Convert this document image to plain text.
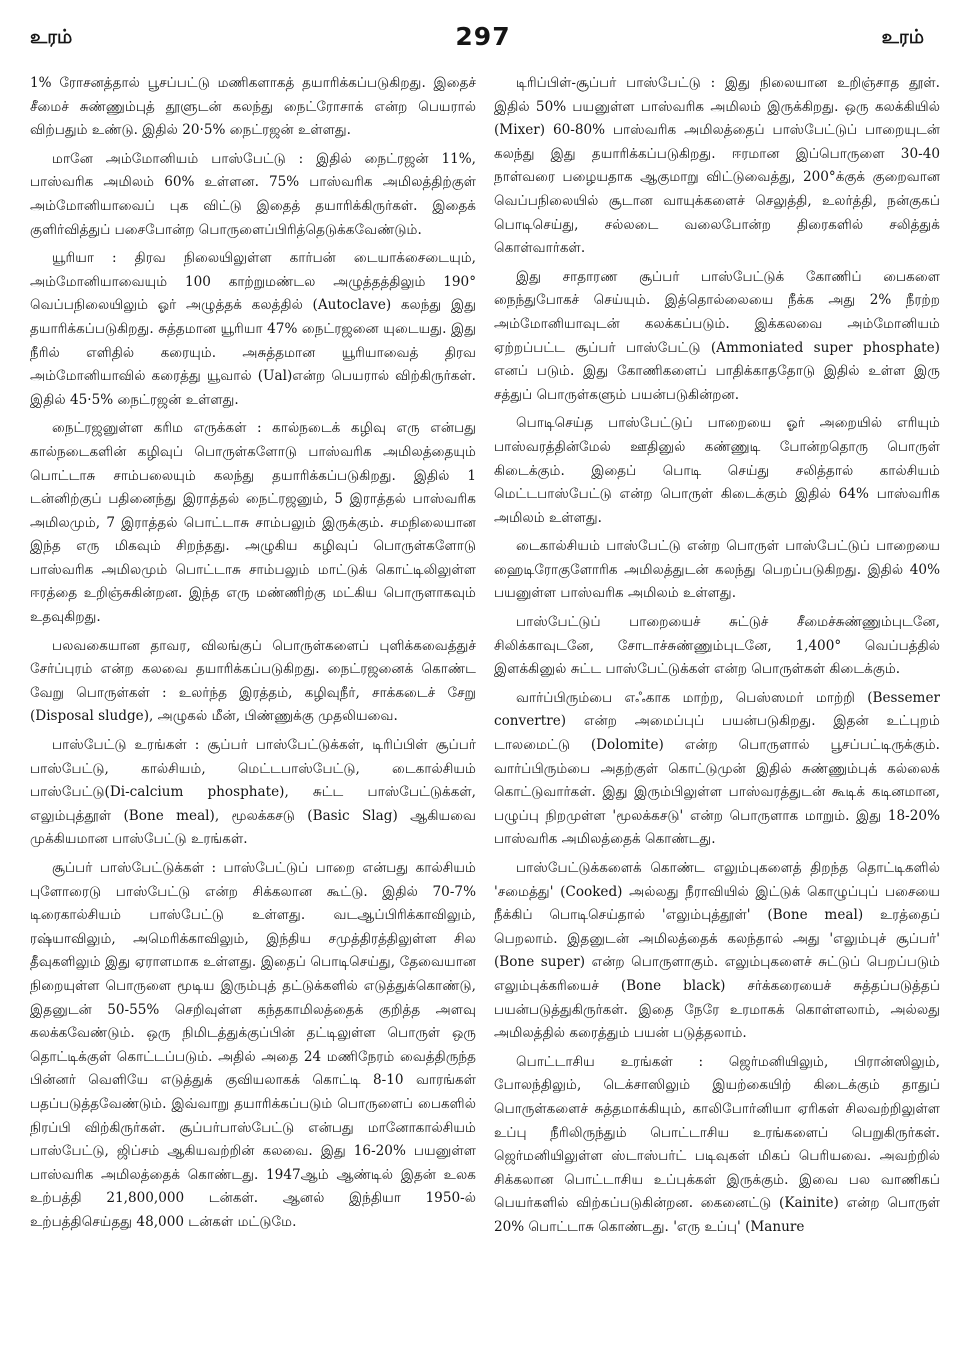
உரம்	297	உரம்

1% ரோசனத்தால் பூசப்பட்டு மணிகளாகத் தயாரிக்கப்படுகிறது. இதைச் சீமைச் சுண்ணும்புத் தூளுடன் கலந்து நைட்ரோசாக் என்ற பெயரால் விற்பதும் உண்டு. இதில் 20·5% நைட்ரஜன் உள்ளது.

மானே அம்மோனியம் பாஸ்பேட்டு : இதில் நைட்ரஜன் 11%, பாஸ்வரிக அமிலம் 60% உள்ளன. 75% பாஸ்வரிக அமிலத்திற்குள் அம்மோனியாவைப் புக விட்டு இதைத் தயாரிக்கிருர்கள். இதைக் குளிர்வித்துப் பசைபோன்ற பொருளைப்பிரித்தெடுக்கவேண்டும்.

யூரியா : திரவ நிலையிலுள்ள கார்பன் டையாக்சைடையும், அம்மோனியாவையும் 100 காற்றுமண்டல அழுத்தத்திலும் 190° வெப்பநிலையிலும் ஓர் அழுத்தக் கலத்தில் (Autoclave) கலந்து இது தயாரிக்கப்படுகிறது. சுத்தமான யூரியா 47% நைட்ரஜனை யுடையது. இது நீரில் எளிதில் கரையும். அசுத்தமான யூரியாவைத் திரவ அம்மோனியாவில் கரைத்து யூவால் (Ual)என்ற பெயரால் விற்கிருர்கள். இதில் 45·5% நைட்ரஜன் உள்ளது.

நைட்ரஜனுள்ள கரிம எருக்கள் : கால்நடைக் கழிவு எரு என்பது கால்நடைகளின் கழிவுப் பொருள்களோடு பாஸ்வரிக அமிலத்தையும் பொட்டாசு சாம்பலையும் கலந்து தயாரிக்கப்படுகிறது. இதில் 1 டன்னிற்குப் பதினைந்து இராத்தல் நைட்ரஜனும், 5 இராத்தல் பாஸ்வரிக அமிலமும், 7 இராத்தல் பொட்டாசு சாம்பலும் இருக்கும். சமநிலையான இந்த எரு மிகவும் சிறந்தது. அழுகிய கழிவுப் பொருள்களோடு பாஸ்வரிக அமிலமும் பொட்டாசு சாம்பலும் மாட்டுக் கொட்டிலிலுள்ள ஈரத்தை உறிஞ்சுகின்றன. இந்த எரு மண்ணிற்கு மட்கிய பொருளாகவும் உதவுகிறது.

பலவகையான தாவர, விலங்குப் பொருள்களைப் புளிக்கவைத்துச் சேர்ப்புரம் என்ற கலவை தயாரிக்கப்படுகிறது. நைட்ரஜனைக் கொண்ட வேறு பொருள்கள் : உலர்ந்த இரத்தம், கழிவுநீர், சாக்கடைச் சேறு (Disposal sludge), அழுகல் மீன், பிண்ணுக்கு முதலியவை.

பாஸ்பேட்டு உரங்கள் : சூப்பர் பாஸ்பேட்டுக்கள், டிரிப்பிள் சூப்பர் பாஸ்பேட்டு, கால்சியம், மெட்டபாஸ்பேட்டு, டைகால்சியம் பாஸ்பேட்டு(Di-calcium phosphate), சுட்ட பாஸ்பேட்டுக்கள், எலும்புத்தூள் (Bone meal), மூலக்கசடு (Basic Slag) ஆகியவை முக்கியமான பாஸ்பேட்டு உரங்கள்.

சூப்பர் பாஸ்பேட்டுக்கள் : பாஸ்பேட்டுப் பாறை என்பது கால்சியம் புளோரைடு பாஸ்பேட்டு என்ற சிக்கலான கூட்டு. இதில் 70-7% டிரைகால்சியம் பாஸ்பேட்டு உள்ளது. வடஆப்பிரிக்காவிலும், ரஷ்யாவிலும், அமெரிக்காவிலும், இந்திய சமுத்திரத்திலுள்ள சில தீவுகளிலும் இது ஏராளமாக உள்ளது. இதைப் பொடிசெய்து, தேவையான நிறையுள்ள பொருளை மூடிய இரும்புத் தட்டுக்களில் எடுத்துக்கொண்டு, இதனுடன் 50-55% செறிவுள்ள கந்தகாமிலத்தைக் குறித்த அளவு கலக்கவேண்டும். ஒரு நிமிடத்துக்குப்பின் தட்டிலுள்ள பொருள் ஒரு தொட்டிக்குள் கொட்டப்படும். அதில் அதை 24 மணிநேரம் வைத்திருந்த பின்னர் வெளியே எடுத்துக் குவியலாகக் கொட்டி 8-10 வாரங்கள் பதப்படுத்தவேண்டும். இவ்வாறு தயாரிக்கப்படும் பொருளைப் பைகளில் நிரப்பி விற்கிருர்கள். சூப்பர்பாஸ்பேட்டு என்பது மானோகால்சியம் பாஸ்பேட்டு, ஜிப்சம் ஆகியவற்றின் கலவை. இது 16-20% பயனுள்ள பாஸ்வரிக அமிலத்தைக் கொண்டது. 1947ஆம் ஆண்டில் இதன் உலக உற்பத்தி 21,800,000 டன்கள். ஆனல் இந்தியா 1950-ல் உற்பத்திசெய்தது 48,000 டன்கள் மட்டுமே.

டிரிப்பிள்-சூப்பர் பாஸ்பேட்டு : இது நிலையான உறிஞ்சாத தூள். இதில் 50% பயனுள்ள பாஸ்வரிக அமிலம் இருக்கிறது. ஒரு கலக்கியில் (Mixer) 60-80% பாஸ்வரிக அமிலத்தைப் பாஸ்பேட்டுப் பாறையுடன் கலந்து இது தயாரிக்கப்படுகிறது. ஈரமான இப்பொருளை 30-40 நாள்வரை பழையதாக ஆகுமாறு விட்டுவைத்து, 200°க்குக் குறைவான வெப்பநிலையில் சூடான வாயுக்களைச் செலுத்தி, உலர்த்தி, நன்குகப் பொடிசெய்து, சல்லடை வலைபோன்ற திரைகளில் சலித்துக் கொள்வார்கள்.

இது சாதாரண சூப்பர் பாஸ்பேட்டுக் கோணிப் பைகளை நைந்துபோகச் செய்யும். இத்தொல்லையை நீக்க அது 2% நீரற்ற அம்மோனியாவுடன் கலக்கப்படும். இக்கலவை அம்மோனியம் ஏற்றப்பட்ட சூப்பர் பாஸ்பேட்டு (Ammoniated super phosphate) எனப் படும். இது கோணிகளைப் பாதிக்காததோடு இதில் உள்ள இரு சத்துப் பொருள்களும் பயன்படுகின்றன.

பொடிசெய்த பாஸ்பேட்டுப் பாறையை ஓர் அறையில் எரியும் பாஸ்வரத்தின்மேல் ஊதினுல் கண்ணுடி போன்றதொரு பொருள் கிடைக்கும். இதைப் பொடி செய்து சலித்தால் கால்சியம் மெட்டபாஸ்பேட்டு என்ற பொருள் கிடைக்கும் இதில் 64% பாஸ்வரிக அமிலம் உள்ளது.

டைகால்சியம் பாஸ்பேட்டு என்ற பொருள் பாஸ்பேட்டுப் பாறையை ஹைடிரோகுளோரிக அமிலத்துடன் கலந்து பெறப்படுகிறது. இதில் 40% பயனுள்ள பாஸ்வரிக அமிலம் உள்ளது.

பாஸ்பேட்டுப் பாறையைச் சுட்டுச் சீமைச்சுண்ணும்புடனே, சிலிக்காவுடனே, சோடாச்சுண்ணும்புடனே, 1,400° வெப்பத்தில் இளக்கினுல் சுட்ட பாஸ்பேட்டுக்கள் என்ற பொருள்கள் கிடைக்கும்.

வார்ப்பிரும்பை எஃகாக மாற்ற, பெஸ்ஸமர் மாற்றி (Bessemer convertre) என்ற அமைப்புப் பயன்படுகிறது. இதன் உட்புறம் டாலமைட்டு (Dolomite) என்ற பொருளால் பூசப்பட்டிருக்கும். வார்ப்பிரும்பை அதற்குள் கொட்டுமுன் இதில் சுண்ணும்புக் கல்லைக் கொட்டுவார்கள். இது இரும்பிலுள்ள பாஸ்வரத்துடன் கூடிக் கடினமான, பழுப்பு நிறமுள்ள 'மூலக்கசடு' என்ற பொருளாக மாறும். இது 18-20% பாஸ்வரிக அமிலத்தைக் கொண்டது.

பாஸ்பேட்டுக்களைக் கொண்ட எலும்புகளைத் திறந்த தொட்டிகளில் 'சமைத்து' (Cooked) அல்லது நீராவியில் இட்டுக் கொழுப்புப் பசையை நீக்கிப் பொடிசெய்தால் 'எலும்புத்தூள்' (Bone meal) உரத்தைப் பெறலாம். இதனுடன் அமிலத்தைக் கலந்தால் அது 'எலும்புச் சூப்பர்' (Bone super) என்ற பொருளாகும். எலும்புகளைச் சுட்டுப் பெறப்படும் எலும்புக்கரியைச் (Bone black) சர்க்கரையைச் சுத்தப்படுத்தப் பயன்படுத்துகிருர்கள். இதை நேரே உரமாகக் கொள்ளலாம், அல்லது அமிலத்தில் கரைத்தும் பயன் படுத்தலாம்.

பொட்டாசிய உரங்கள் : ஜெர்மனியிலும், பிரான்ஸிலும், போலந்திலும், டெக்சாஸிலும் இயற்கையிற் கிடைக்கும் தாதுப் பொருள்களைச் சுத்தமாக்கியும், காலிபோர்னியா ஏரிகள் சிலவற்றிலுள்ள உப்பு நீரிலிருந்தும் பொட்டாசிய உரங்களைப் பெறுகிருர்கள். ஜெர்மனியிலுள்ள ஸ்டாஸ்பர்ட் படிவுகள் மிகப் பெரியவை. அவற்றில் சிக்கலான பொட்டாசிய உப்புக்கள் இருக்கும். இவை பல வாணிகப் பெயர்களில் விற்கப்படுகின்றன. கைனைட்டு (Kainite) என்ற பொருள் 20% பொட்டாசு கொண்டது. 'எரு உப்பு' (Manure
